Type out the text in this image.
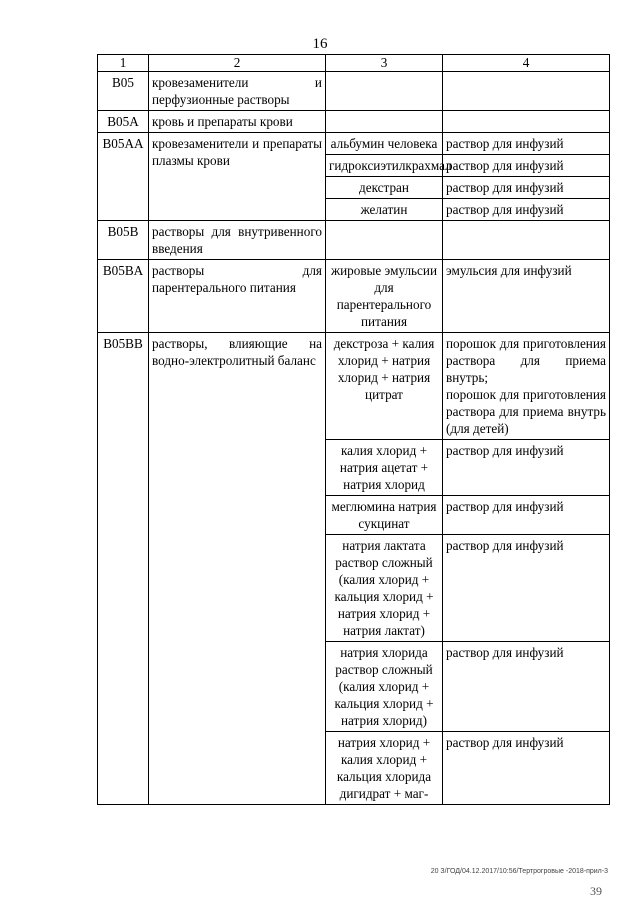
16
1	2	3	4
B05	кровезаменители и перфузионные растворы		
B05A	кровь и препараты крови		
B05AA	кровезаменители и препараты плазмы крови	альбумин человека	раствор для инфузий
		гидроксиэтилкрахмал	раствор для инфузий
		декстран	раствор для инфузий
		желатин	раствор для инфузий
B05B	растворы для внутривенного введения		
B05BA	растворы для парентерального питания	жировые эмульсии для парентерального питания	эмульсия для инфузий
B05BB	растворы, влияющие на водно-электролитный баланс	декстроза + калия хлорид + натрия хлорид + натрия цитрат	порошок для приготовления раствора для приема внутрь;
порошок для приготовления раствора для приема внутрь (для детей)

		калия хлорид + натрия ацетат + натрия хлорид	раствор для инфузий
		меглюмина натрия сукцинат	раствор для инфузий
		натрия лактата раствор сложный (калия хлорид + кальция хлорид + натрия хлорид + натрия лактат)	раствор для инфузий
		натрия хлорида раствор сложный (калия хлорид + кальция хлорид + натрия хлорид)	раствор для инфузий
		натрия хлорид + калия хлорид + кальция хлорида дигидрат + маг-	раствор для инфузий
20 З/ГОД/04.12.2017/10:56/Тертрогровые -2018-прил-3
39
